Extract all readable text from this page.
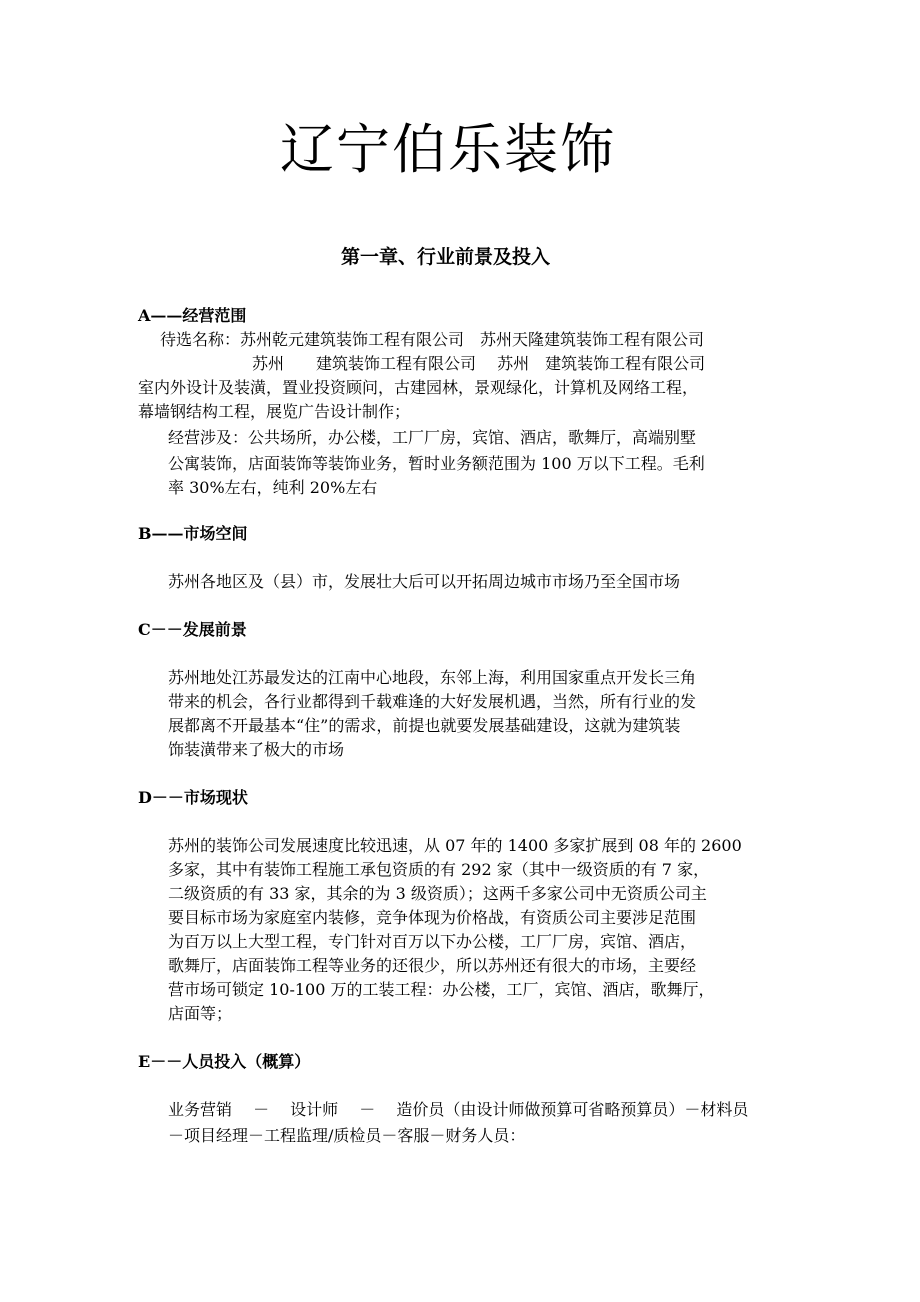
辽宁伯乐装饰
第一章、行业前景及投入
A——经营范围
待选名称：苏州乾元建筑装饰工程有限公司　苏州天隆建筑装饰工程有限公司
苏州　　建筑装饰工程有限公司　 苏州　建筑装饰工程有限公司
室内外设计及装潢，置业投资顾问，古建园林，景观绿化，计算机及网络工程，
幕墙钢结构工程，展览广告设计制作；
经营涉及：公共场所，办公楼，工厂厂房，宾馆、酒店，歌舞厅，高端别墅
公寓装饰，店面装饰等装饰业务，暂时业务额范围为 100 万以下工程。毛利
率 30%左右，纯利 20%左右
B——市场空间
苏州各地区及（县）市，发展壮大后可以开拓周边城市市场乃至全国市场
C－－发展前景
苏州地处江苏最发达的江南中心地段，东邻上海，利用国家重点开发长三角
带来的机会，各行业都得到千载难逢的大好发展机遇，当然，所有行业的发
展都离不开最基本“住”的需求，前提也就要发展基础建设，这就为建筑装
饰装潢带来了极大的市场
D－－市场现状
苏州的装饰公司发展速度比较迅速，从 07 年的 1400 多家扩展到 08 年的 2600
多家，其中有装饰工程施工承包资质的有 292 家（其中一级资质的有 7 家，
二级资质的有 33 家，其余的为 3 级资质）；这两千多家公司中无资质公司主
要目标市场为家庭室内装修，竞争体现为价格战，有资质公司主要涉足范围
为百万以上大型工程，专门针对百万以下办公楼，工厂厂房，宾馆、酒店，
歌舞厅，店面装饰工程等业务的还很少，所以苏州还有很大的市场，主要经
营市场可锁定 10-100 万的工装工程：办公楼，工厂，宾馆、酒店，歌舞厅，
店面等；
E－－人员投入（概算）
业务营销　 －　 设计师　 －　 造价员（由设计师做预算可省略预算员）－材料员
－项目经理－工程监理/质检员－客服－财务人员：
